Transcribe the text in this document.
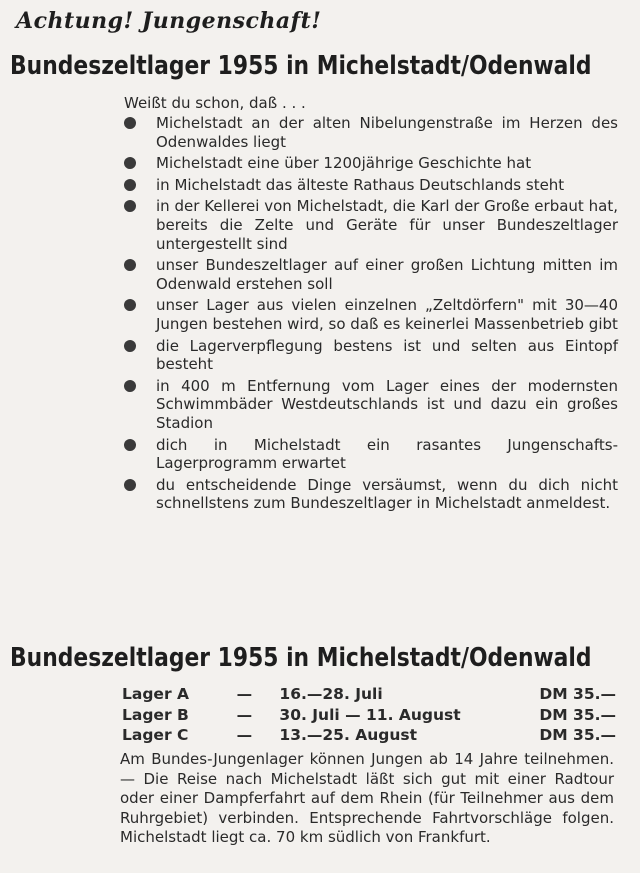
Achtung! Jungenschaft!
Bundeszeltlager 1955 in Michelstadt/Odenwald

Weißt du schon, daß . . .

Michelstadt an der alten Nibelungenstraße im Herzen des Odenwaldes liegt
Michelstadt eine über 1200jährige Geschichte hat
in Michelstadt das älteste Rathaus Deutschlands steht
in der Kellerei von Michelstadt, die Karl der Große erbaut hat, bereits die Zelte und Geräte für unser Bundeszeltlager untergestellt sind
unser Bundeszeltlager auf einer großen Lichtung mitten im Odenwald erstehen soll
unser Lager aus vielen einzelnen „Zeltdörfern" mit 30—40 Jungen bestehen wird, so daß es keinerlei Massenbetrieb gibt
die Lagerverpflegung bestens ist und selten aus Eintopf besteht
in 400 m Entfernung vom Lager eines der modernsten Schwimmbäder Westdeutschlands ist und dazu ein großes Stadion
dich in Michelstadt ein rasantes Jungenschafts-Lagerprogramm erwartet
du entscheidende Dinge versäumst, wenn du dich nicht schnellstens zum Bundeszeltlager in Michelstadt anmeldest.
Bundeszeltlager 1955 in Michelstadt/Odenwald
Lager A	—	16.—28. Juli	DM 35.—
Lager B	—	30. Juli — 11. August	DM 35.—
Lager C	—	13.—25. August	DM 35.—

Am Bundes-Jungenlager können Jungen ab 14 Jahre teilnehmen. — Die Reise nach Michelstadt läßt sich gut mit einer Radtour oder einer Dampferfahrt auf dem Rhein (für Teilnehmer aus dem Ruhrgebiet) verbinden. Entsprechende Fahrtvorschläge folgen. Michelstadt liegt ca. 70 km südlich von Frankfurt.
